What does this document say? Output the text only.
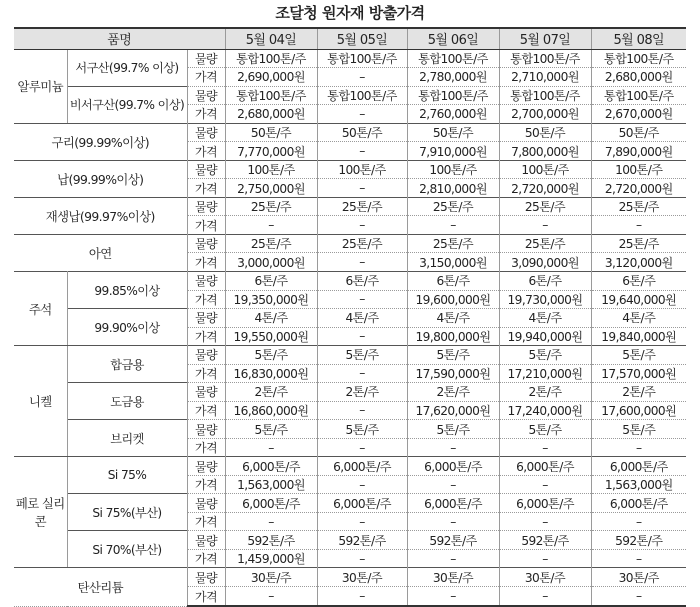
조달청 원자재 방출가격
품명			5월 04일	5월 05일	5월 06일	5월 07일	5월 08일
알루미늄	서구산(99.7% 이상)	물량	통합100톤/주	통합100톤/주	통합100톤/주	통합100톤/주	통합100톤/주
		가격	2,690,000원	–	2,780,000원	2,710,000원	2,680,000원
	비서구산(99.7% 이상)	물량	통합100톤/주	통합100톤/주	통합100톤/주	통합100톤/주	통합100톤/주
		가격	2,680,000원	–	2,760,000원	2,700,000원	2,670,000원
구리(99.99%이상)		물량	50톤/주	50톤/주	50톤/주	50톤/주	50톤/주
		가격	7,770,000원	–	7,910,000원	7,800,000원	7,890,000원
납(99.99%이상)		물량	100톤/주	100톤/주	100톤/주	100톤/주	100톤/주
		가격	2,750,000원	–	2,810,000원	2,720,000원	2,720,000원
재생납(99.97%이상)		물량	25톤/주	25톤/주	25톤/주	25톤/주	25톤/주
		가격	–	–	–	–	–
아연		물량	25톤/주	25톤/주	25톤/주	25톤/주	25톤/주
		가격	3,000,000원	–	3,150,000원	3,090,000원	3,120,000원
주석	99.85%이상	물량	6톤/주	6톤/주	6톤/주	6톤/주	6톤/주
		가격	19,350,000원	–	19,600,000원	19,730,000원	19,640,000원
	99.90%이상	물량	4톤/주	4톤/주	4톤/주	4톤/주	4톤/주
		가격	19,550,000원	–	19,800,000원	19,940,000원	19,840,000원
니켈	합금용	물량	5톤/주	5톤/주	5톤/주	5톤/주	5톤/주
		가격	16,830,000원	–	17,590,000원	17,210,000원	17,570,000원
	도금용	물량	2톤/주	2톤/주	2톤/주	2톤/주	2톤/주
		가격	16,860,000원	–	17,620,000원	17,240,000원	17,600,000원
	브리켓	물량	5톤/주	5톤/주	5톤/주	5톤/주	5톤/주
		가격	–	–	–	–	–
페로 실리콘	Si 75%	물량	6,000톤/주	6,000톤/주	6,000톤/주	6,000톤/주	6,000톤/주
		가격	1,563,000원	–	–	–	1,563,000원
	Si 75%(부산)	물량	6,000톤/주	6,000톤/주	6,000톤/주	6,000톤/주	6,000톤/주
		가격	–	–	–	–	–
	Si 70%(부산)	물량	592톤/주	592톤/주	592톤/주	592톤/주	592톤/주
		가격	1,459,000원	–	–	–	–
탄산리튬		물량	30톤/주	30톤/주	30톤/주	30톤/주	30톤/주
		가격	–	–	–	–	–
